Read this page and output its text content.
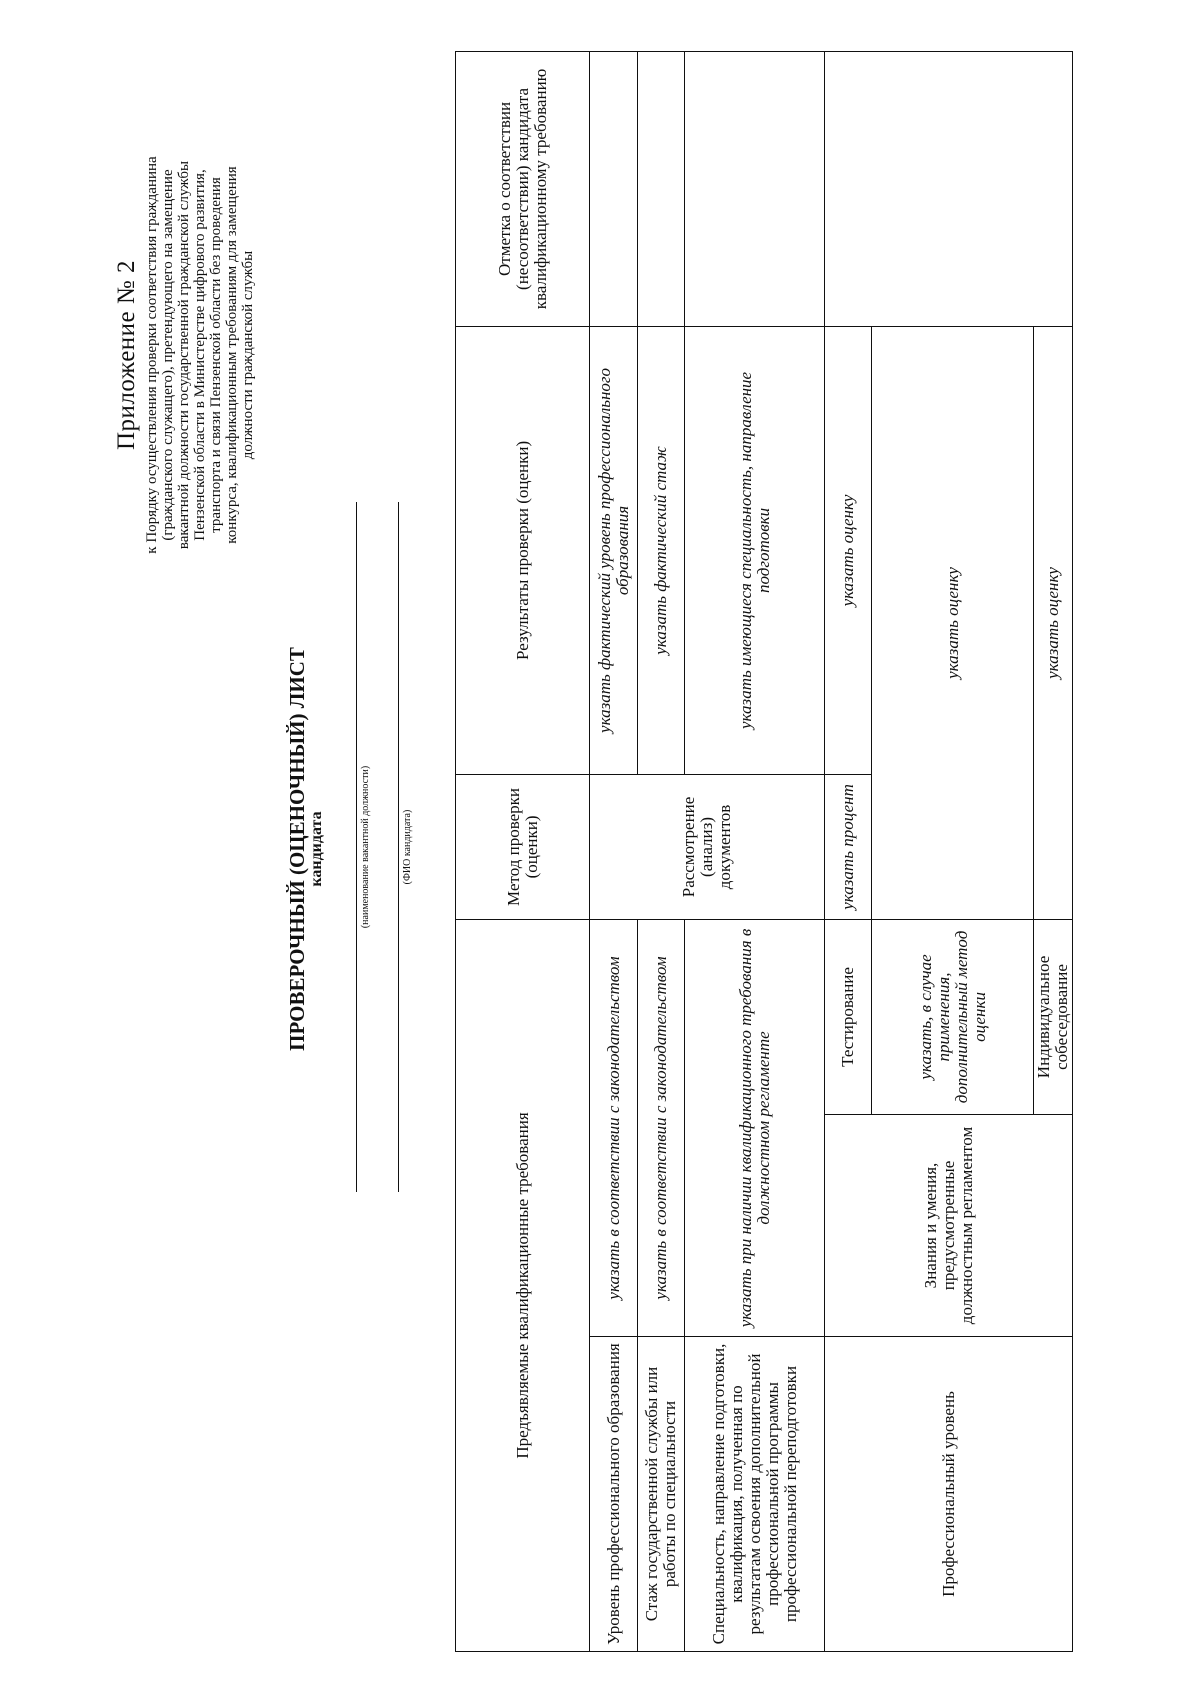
Приложение № 2 к Порядку осуществления проверки соответствия гражданина (гражданского служащего), претендующего на замещение вакантной должности государственной гражданской службы Пензенской области в Министерстве цифрового развития, транспорта и связи Пензенской области без проведения конкурса, квалификационным требованиям для замещения должности гражданской службы
ПРОВЕРОЧНЫЙ (ОЦЕНОЧНЫЙ) ЛИСТ кандидата	(наименование вакантной должности)	(ФИО кандидата)
Предъявляемые квалификационные требования			Метод проверки (оценки)	Результаты проверки (оценки)	Отметка о соответствии (несоответствии) кандидата квалификационному требованию
Уровень профессионального образования	указать в соответствии с законодательством		Рассмотрение (анализ) документов	указать фактический уровень профессионального образования	
Стаж государственной службы или работы по специальности	указать в соответствии с законодательством			указать фактический стаж	
Специальность, направление подготовки, квалификация, полученная по результатам освоения дополнительной профессиональной программы профессиональной переподготовки	указать при наличии квалификационного требования в должностном регламенте			указать имеющиеся специальность, направление подготовки	
Профессиональный уровень	Знания и умения, предусмотренные должностным регламентом	Тестирование	указать процент	указать оценку	
		указать, в случае применения, дополнительный метод оценки	указать оценку		
		Индивидуальное собеседование	указать оценку		
